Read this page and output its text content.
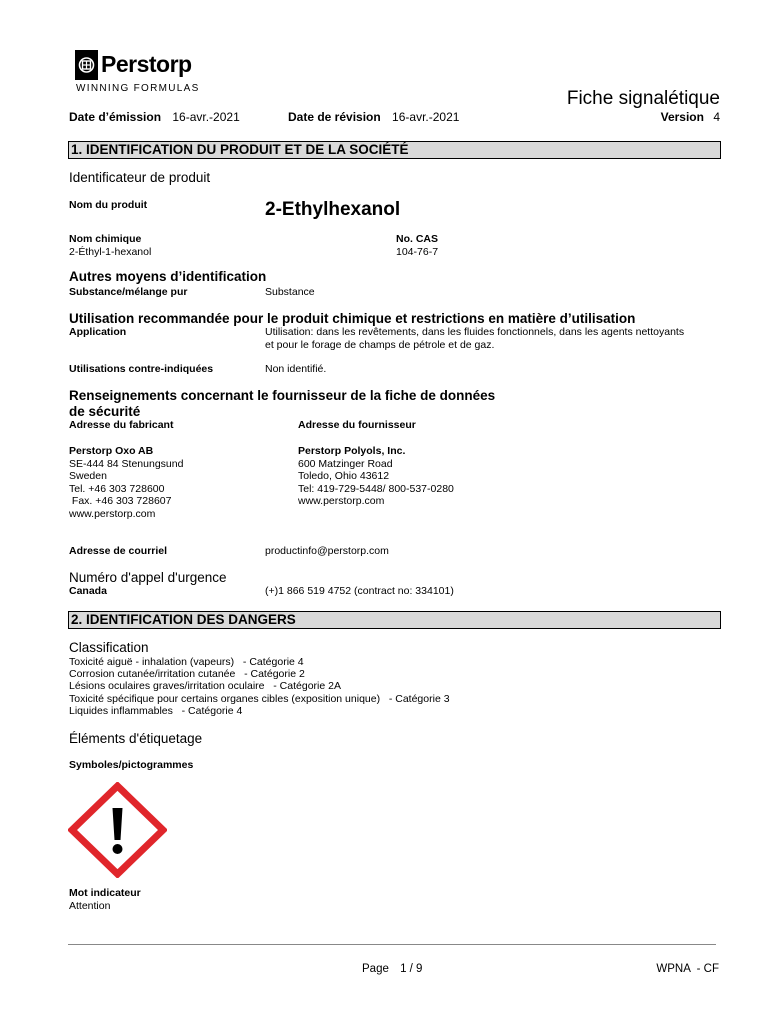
Perstorp
WINNING FORMULAS	Fiche signalétique
Date d’émission 16-avr.-2021	Date de révision 16-avr.-2021	Version 4
1. IDENTIFICATION DU PRODUIT ET DE LA SOCIÉTÉ
Identificateur de produit
Nom du produit	2-Ethylhexanol
Nom chimique
2-Éthyl-1-hexanol
No. CAS
104-76-7
Autres moyens d’identification
Substance/mélange pur	Substance
Utilisation recommandée pour le produit chimique et restrictions en matière d’utilisation
Application	Utilisation: dans les revêtements, dans les fluides fonctionnels, dans les agents nettoyants et pour le forage de champs de pétrole et de gaz.
Utilisations contre-indiquées	Non identifié.
Renseignements concernant le fournisseur de la fiche de données
de sécurité
Adresse du fabricant	Adresse du fournisseur
Perstorp Oxo AB
SE-444 84 Stenungsund
Sweden
Tel. +46 303 728600
Fax. +46 303 728607
www.perstorp.com
Perstorp Polyols, Inc.
600 Matzinger Road
Toledo, Ohio 43612
Tel: 419-729-5448/ 800-537-0280
www.perstorp.com
Adresse de courriel	productinfo@perstorp.com
Numéro d'appel d'urgence
Canada	(+)1 866 519 4752 (contract no: 334101)
2. IDENTIFICATION DES DANGERS
Classification
Toxicité aiguë - inhalation (vapeurs)   - Catégorie 4
Corrosion cutanée/irritation cutanée   - Catégorie 2
Lésions oculaires graves/irritation oculaire   - Catégorie 2A
Toxicité spécifique pour certains organes cibles (exposition unique)   - Catégorie 3
Liquides inflammables   - Catégorie 4
Éléments d'étiquetage
Symboles/pictogrammes
Mot indicateur
Attention
Page 1 / 9	WPNA  - CF
